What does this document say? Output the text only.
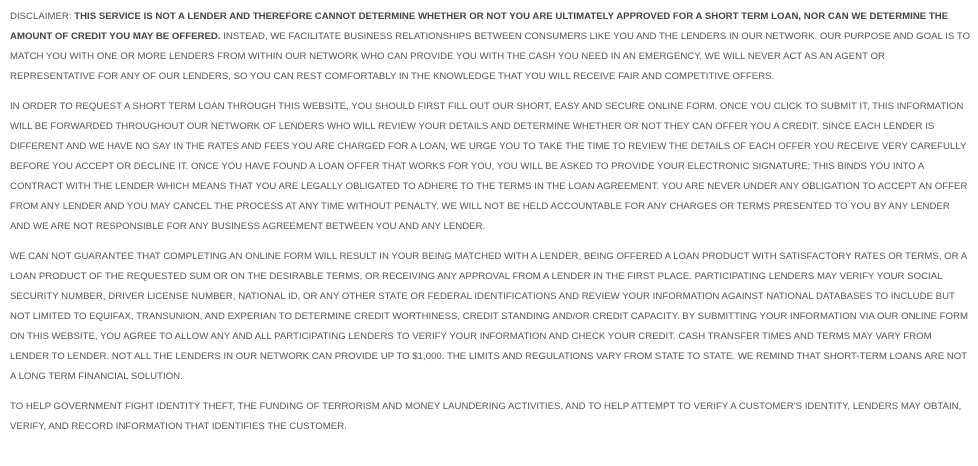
DISCLAIMER: THIS SERVICE IS NOT A LENDER AND THEREFORE CANNOT DETERMINE WHETHER OR NOT YOU ARE ULTIMATELY APPROVED FOR A SHORT TERM LOAN, NOR CAN WE DETERMINE THE AMOUNT OF CREDIT YOU MAY BE OFFERED. INSTEAD, WE FACILITATE BUSINESS RELATIONSHIPS BETWEEN CONSUMERS LIKE YOU AND THE LENDERS IN OUR NETWORK. OUR PURPOSE AND GOAL IS TO MATCH YOU WITH ONE OR MORE LENDERS FROM WITHIN OUR NETWORK WHO CAN PROVIDE YOU WITH THE CASH YOU NEED IN AN EMERGENCY. WE WILL NEVER ACT AS AN AGENT OR REPRESENTATIVE FOR ANY OF OUR LENDERS, SO YOU CAN REST COMFORTABLY IN THE KNOWLEDGE THAT YOU WILL RECEIVE FAIR AND COMPETITIVE OFFERS.

IN ORDER TO REQUEST A SHORT TERM LOAN THROUGH THIS WEBSITE, YOU SHOULD FIRST FILL OUT OUR SHORT, EASY AND SECURE ONLINE FORM. ONCE YOU CLICK TO SUBMIT IT, THIS INFORMATION WILL BE FORWARDED THROUGHOUT OUR NETWORK OF LENDERS WHO WILL REVIEW YOUR DETAILS AND DETERMINE WHETHER OR NOT THEY CAN OFFER YOU A CREDIT. SINCE EACH LENDER IS DIFFERENT AND WE HAVE NO SAY IN THE RATES AND FEES YOU ARE CHARGED FOR A LOAN, WE URGE YOU TO TAKE THE TIME TO REVIEW THE DETAILS OF EACH OFFER YOU RECEIVE VERY CAREFULLY BEFORE YOU ACCEPT OR DECLINE IT. ONCE YOU HAVE FOUND A LOAN OFFER THAT WORKS FOR YOU, YOU WILL BE ASKED TO PROVIDE YOUR ELECTRONIC SIGNATURE; THIS BINDS YOU INTO A CONTRACT WITH THE LENDER WHICH MEANS THAT YOU ARE LEGALLY OBLIGATED TO ADHERE TO THE TERMS IN THE LOAN AGREEMENT. YOU ARE NEVER UNDER ANY OBLIGATION TO ACCEPT AN OFFER FROM ANY LENDER AND YOU MAY CANCEL THE PROCESS AT ANY TIME WITHOUT PENALTY. WE WILL NOT BE HELD ACCOUNTABLE FOR ANY CHARGES OR TERMS PRESENTED TO YOU BY ANY LENDER AND WE ARE NOT RESPONSIBLE FOR ANY BUSINESS AGREEMENT BETWEEN YOU AND ANY LENDER.

WE CAN NOT GUARANTEE THAT COMPLETING AN ONLINE FORM WILL RESULT IN YOUR BEING MATCHED WITH A LENDER, BEING OFFERED A LOAN PRODUCT WITH SATISFACTORY RATES OR TERMS, OR A LOAN PRODUCT OF THE REQUESTED SUM OR ON THE DESIRABLE TERMS, OR RECEIVING ANY APPROVAL FROM A LENDER IN THE FIRST PLACE. PARTICIPATING LENDERS MAY VERIFY YOUR SOCIAL SECURITY NUMBER, DRIVER LICENSE NUMBER, NATIONAL ID, OR ANY OTHER STATE OR FEDERAL IDENTIFICATIONS AND REVIEW YOUR INFORMATION AGAINST NATIONAL DATABASES TO INCLUDE BUT NOT LIMITED TO EQUIFAX, TRANSUNION, AND EXPERIAN TO DETERMINE CREDIT WORTHINESS, CREDIT STANDING AND/OR CREDIT CAPACITY. BY SUBMITTING YOUR INFORMATION VIA OUR ONLINE FORM ON THIS WEBSITE, YOU AGREE TO ALLOW ANY AND ALL PARTICIPATING LENDERS TO VERIFY YOUR INFORMATION AND CHECK YOUR CREDIT. CASH TRANSFER TIMES AND TERMS MAY VARY FROM LENDER TO LENDER. NOT ALL THE LENDERS IN OUR NETWORK CAN PROVIDE UP TO $1,000. THE LIMITS AND REGULATIONS VARY FROM STATE TO STATE. WE REMIND THAT SHORT-TERM LOANS ARE NOT A LONG TERM FINANCIAL SOLUTION.

TO HELP GOVERNMENT FIGHT IDENTITY THEFT, THE FUNDING OF TERRORISM AND MONEY LAUNDERING ACTIVITIES, AND TO HELP ATTEMPT TO VERIFY A CUSTOMER'S IDENTITY, LENDERS MAY OBTAIN, VERIFY, AND RECORD INFORMATION THAT IDENTIFIES THE CUSTOMER.
